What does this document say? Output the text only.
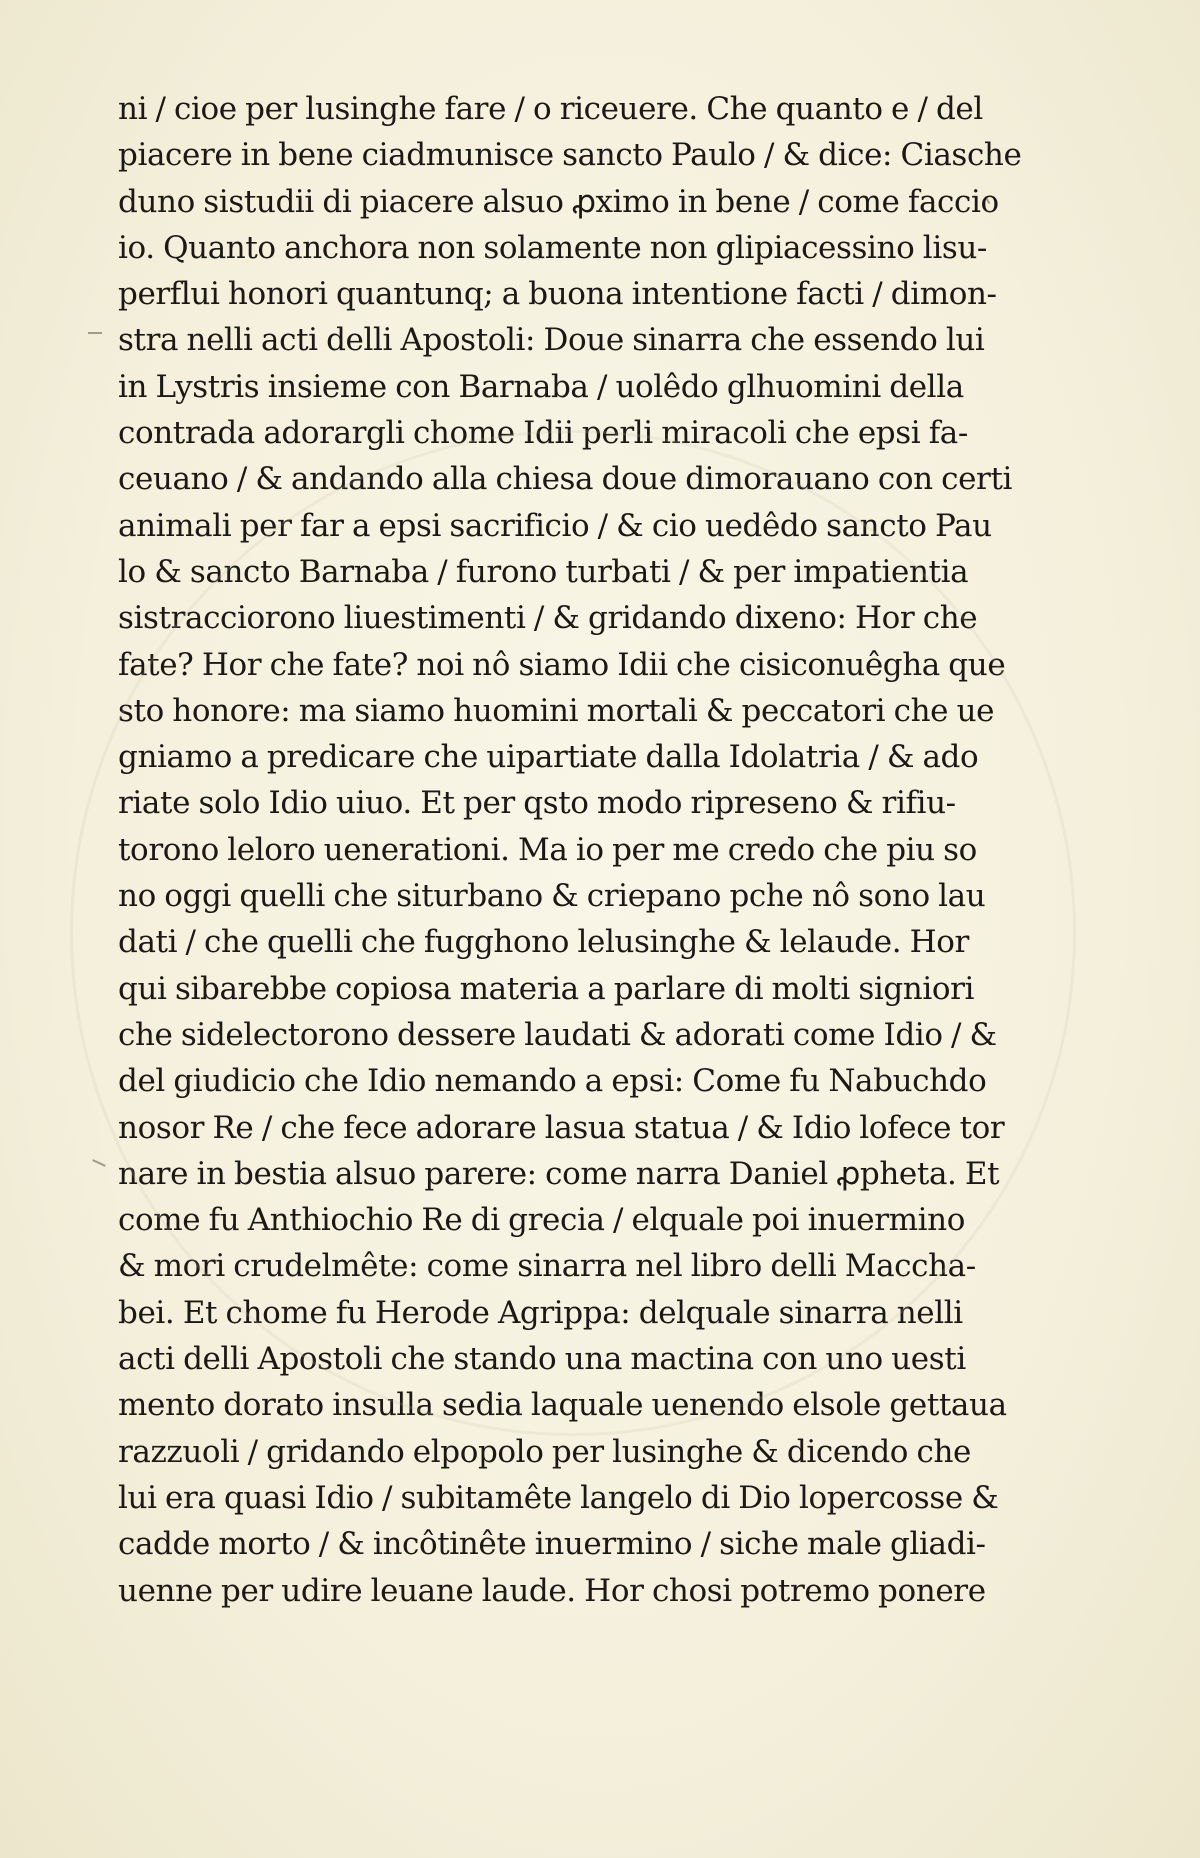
ni / cioe per lusinghe fare / o riceuere. Che quanto e / del
piacere in bene ciadmunisce sancto Paulo / & dice: Ciasche
duno sistudii di piacere alsuo ꝓximo in bene / come faccio
io. Quanto anchora non solamente non glipiacessino lisu-
perflui honori quantunq; a buona intentione facti / dimon-
stra nelli acti delli Apostoli: Doue sinarra che essendo lui
in Lystris insieme con Barnaba / uolêdo glhuomini della
contrada adorargli chome Idii perli miracoli che epsi fa-
ceuano / & andando alla chiesa doue dimorauano con certi
animali per far a epsi sacrificio / & cio uedêdo sancto Pau
lo & sancto Barnaba / furono turbati / & per impatientia
sistracciorono liuestimenti / & gridando dixeno: Hor che
fate? Hor che fate? noi nô siamo Idii che cisiconuêgha que
sto honore: ma siamo huomini mortali & peccatori che ue
gniamo a predicare che uipartiate dalla Idolatria / & ado
riate solo Idio uiuo. Et per qsto modo ripreseno & rifiu-
torono leloro uenerationi. Ma io per me credo che piu so
no oggi quelli che siturbano & criepano pche nô sono lau
dati / che quelli che fugghono lelusinghe & lelaude. Hor
qui sibarebbe copiosa materia a parlare di molti signiori
che sidelectorono dessere laudati & adorati come Idio / &
del giudicio che Idio nemando a epsi: Come fu Nabuchdo
nosor Re / che fece adorare lasua statua / & Idio lofece tor
nare in bestia alsuo parere: come narra Daniel ꝓpheta. Et
come fu Anthiochio Re di grecia / elquale poi inuermino
& mori crudelmête: come sinarra nel libro delli Maccha-
bei. Et chome fu Herode Agrippa: delquale sinarra nelli
acti delli Apostoli che stando una mactina con uno uesti
mento dorato insulla sedia laquale uenendo elsole gettaua
razzuoli / gridando elpopolo per lusinghe & dicendo che
lui era quasi Idio / subitamête langelo di Dio lopercosse &
cadde morto / & incôtinête inuermino / siche male gliadi-
uenne per udire leuane laude. Hor chosi potremo ponere
